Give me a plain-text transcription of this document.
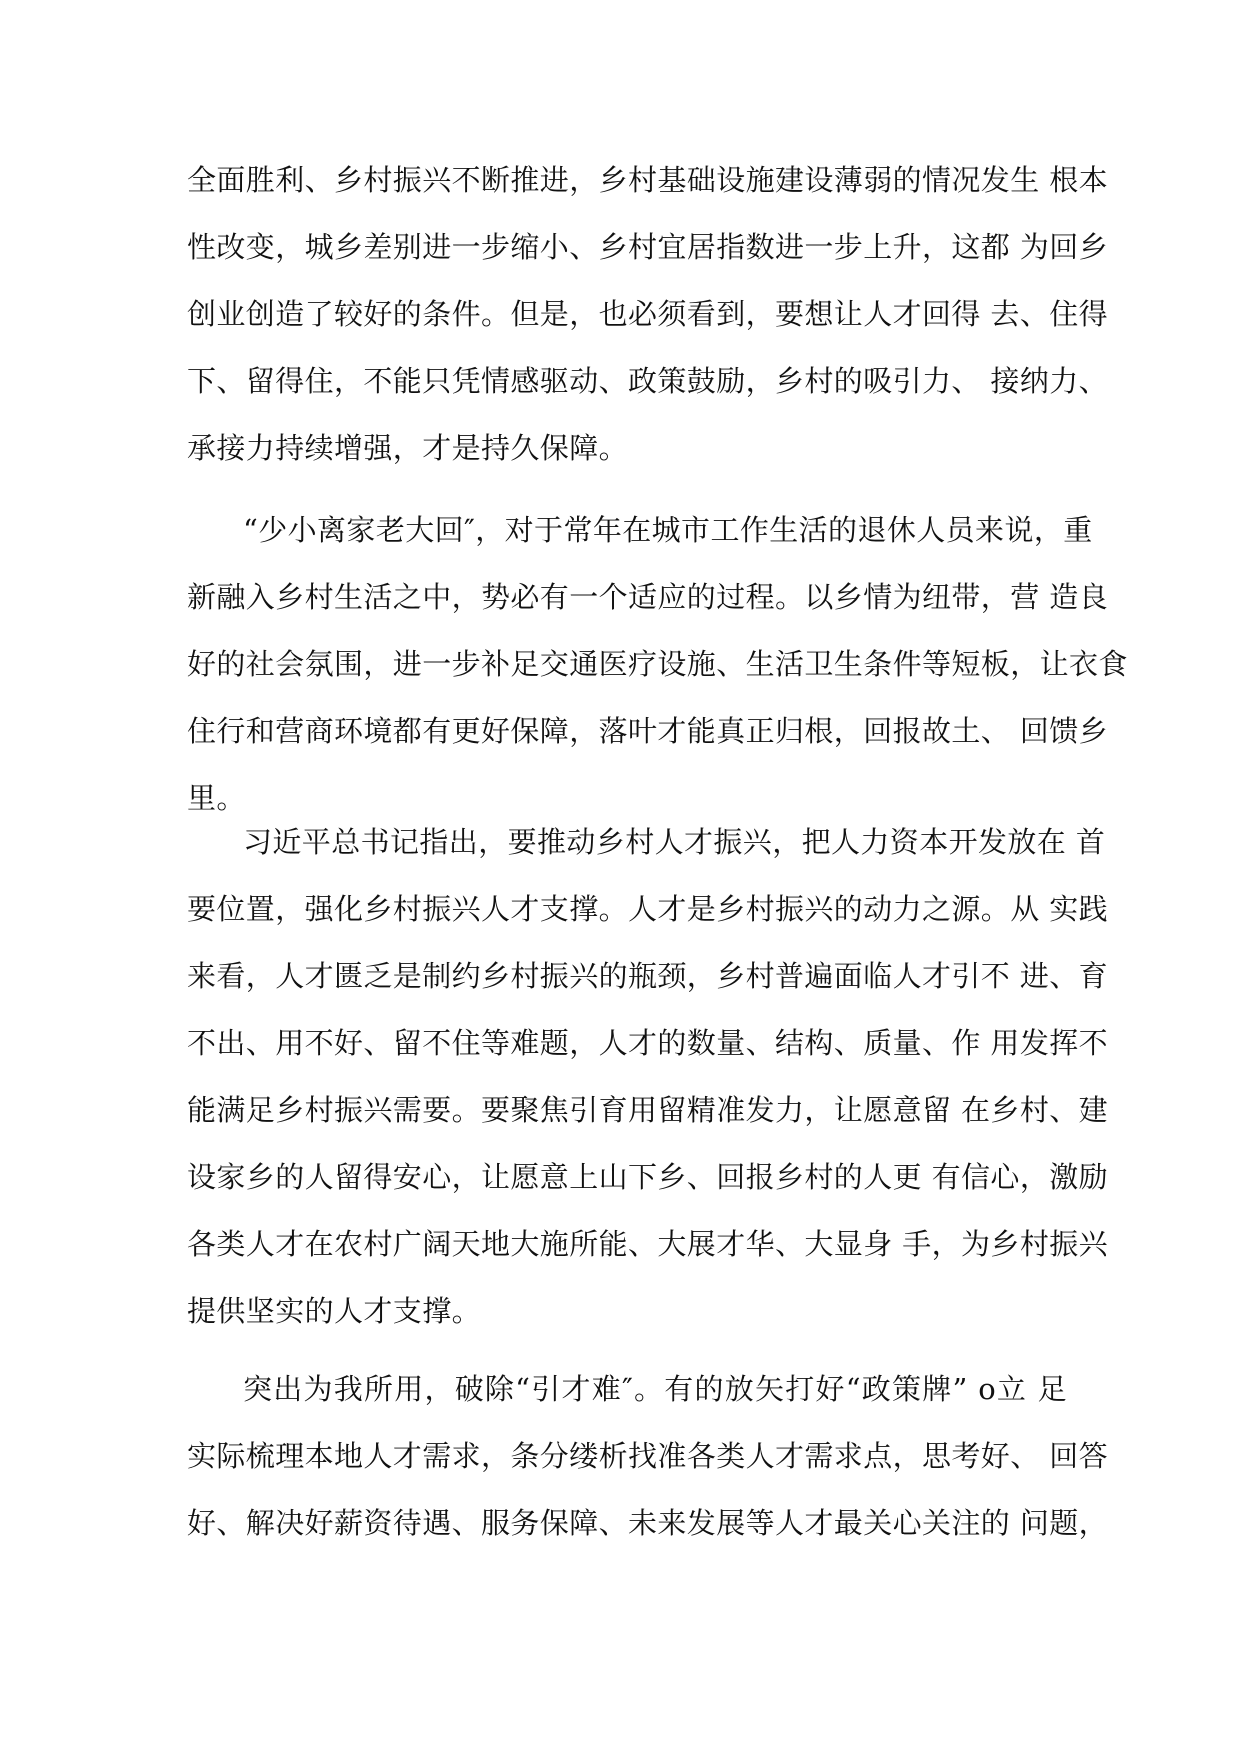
全面胜利、乡村振兴不断推进，乡村基础设施建设薄弱的情况发生 根本
性改变，城乡差别进一步缩小、乡村宜居指数进一步上升，这都 为回乡
创业创造了较好的条件。但是，也必须看到，要想让人才回得 去、住得
下、留得住，不能只凭情感驱动、政策鼓励，乡村的吸引力、 接纳力、
承接力持续增强，才是持久保障。
“少小离家老大回″，对于常年在城市工作生活的退休人员来说，重
新融入乡村生活之中，势必有一个适应的过程。以乡情为纽带，营 造良
好的社会氛围，进一步补足交通医疗设施、生活卫生条件等短板，让衣食
住行和营商环境都有更好保障，落叶才能真正归根，回报故土、 回馈乡
里。
习近平总书记指出，要推动乡村人才振兴，把人力资本开发放在 首
要位置，强化乡村振兴人才支撑。人才是乡村振兴的动力之源。从 实践
来看，人才匮乏是制约乡村振兴的瓶颈，乡村普遍面临人才引不 进、育
不出、用不好、留不住等难题，人才的数量、结构、质量、作 用发挥不
能满足乡村振兴需要。要聚焦引育用留精准发力，让愿意留 在乡村、建
设家乡的人留得安心，让愿意上山下乡、回报乡村的人更 有信心，激励
各类人才在农村广阔天地大施所能、大展才华、大显身 手，为乡村振兴
提供坚实的人才支撑。
突出为我所用，破除“引才难″。有的放矢打好“政策牌” o立 足
实际梳理本地人才需求，条分缕析找准各类人才需求点，思考好、 回答
好、解决好薪资待遇、服务保障、未来发展等人才最关心关注的 问题，
